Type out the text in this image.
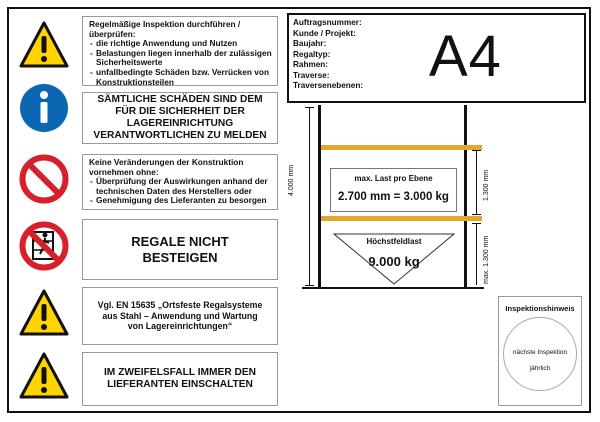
Regelmäßige Inspektion durchführen / überprüfen:
- die richtige Anwendung und Nutzen
- Belastungen liegen innerhalb der zulässigen Sicherheitswerte
- unfallbedingte Schäden bzw. Verrücken von Konstruktionsteilen
SÄMTLICHE SCHÄDEN SIND DEM FÜR DIE SICHERHEIT DER LAGEREINRICHTUNG VERANTWORTLICHEN ZU MELDEN
Keine Veränderungen der Konstruktion vornehmen ohne:
- Überprüfung der Auswirkungen anhand der technischen Daten des Herstellers oder
- Genehmigung des Lieferanten zu besorgen
REGALE NICHT BESTEIGEN
Vgl. EN 15635 „Ortsfeste Regalsysteme aus Stahl – Anwendung und Wartung von Lagereinrichtungen“
IM ZWEIFELSFALL IMMER DEN LIEFERANTEN EINSCHALTEN
Auftragsnummer:
Kunde / Projekt:
Baujahr:
Regaltyp:
Rahmen:
Traverse:
Traversenebenen: A4
4.000 mm	1.300 mm
max. 1.300 mm
max. Last pro Ebene
2.700 mm = 3.000 kg
Höchstfeldlast
9.000 kg
Inspektionshinweis
nächste Inspektion
jährlich
